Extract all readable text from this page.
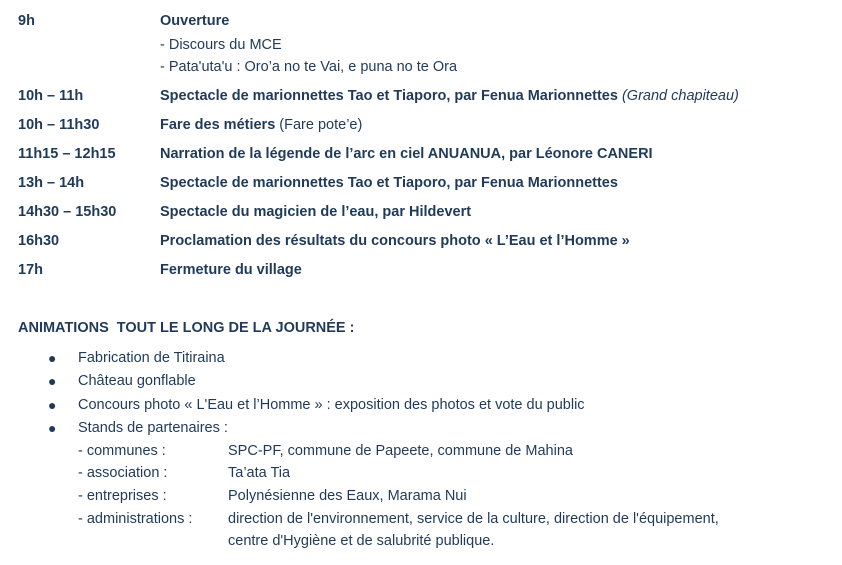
9h	Ouverture
- Discours du MCE
- Pata'uta'u : Oro’a no te Vai, e puna no te Ora
10h – 11h	Spectacle de marionnettes Tao et Tiaporo, par Fenua Marionnettes (Grand chapiteau)
10h – 11h30	Fare des métiers (Fare pote’e)
11h15 – 12h15	Narration de la légende de l’arc en ciel ANUANUA, par Léonore CANERI
13h – 14h	Spectacle de marionnettes Tao et Tiaporo, par Fenua Marionnettes
14h30 – 15h30	Spectacle du magicien de l’eau, par Hildevert
16h30	Proclamation des résultats du concours photo « L’Eau et l’Homme »
17h	Fermeture du village
ANIMATIONS  TOUT LE LONG DE LA JOURNÉE :
●	Fabrication de Titiraina
●	Château gonflable
●	Concours photo « L'Eau et l’Homme » : exposition des photos et vote du public
●	Stands de partenaires :
- communes :	SPC-PF, commune de Papeete, commune de Mahina
- association :	Ta’ata Tia
- entreprises :	Polynésienne des Eaux, Marama Nui
- administrations :	direction de l'environnement, service de la culture, direction de l'équipement,
centre d'Hygiène et de salubrité publique.
